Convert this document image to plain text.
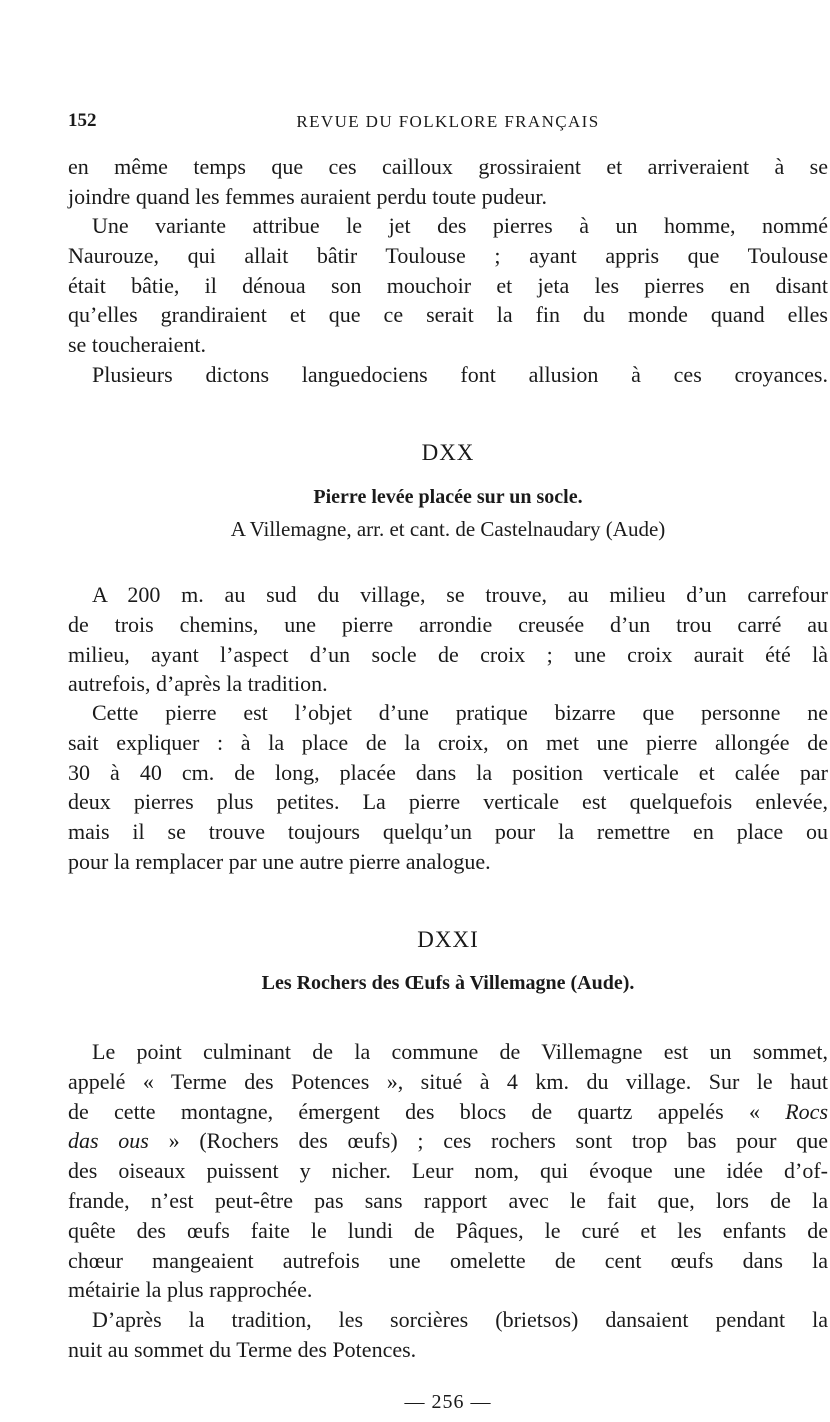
152	REVUE DU FOLKLORE FRANÇAIS
en même temps que ces cailloux grossiraient et arriveraient à se
joindre quand les femmes auraient perdu toute pudeur.
Une variante attribue le jet des pierres à un homme, nommé
Naurouze, qui allait bâtir Toulouse ; ayant appris que Toulouse
était bâtie, il dénoua son mouchoir et jeta les pierres en disant
qu’elles grandiraient et que ce serait la fin du monde quand elles
se toucheraient.
Plusieurs dictons languedociens font allusion à ces croyances.

DXX

Pierre levée placée sur un socle.

A Villemagne, arr. et cant. de Castelnaudary (Aude)

A 200 m. au sud du village, se trouve, au milieu d’un carrefour
de trois chemins, une pierre arrondie creusée d’un trou carré au
milieu, ayant l’aspect d’un socle de croix ; une croix aurait été là
autrefois, d’après la tradition.
Cette pierre est l’objet d’une pratique bizarre que personne ne
sait expliquer : à la place de la croix, on met une pierre allongée de
30 à 40 cm. de long, placée dans la position verticale et calée par
deux pierres plus petites. La pierre verticale est quelquefois enlevée,
mais il se trouve toujours quelqu’un pour la remettre en place ou
pour la remplacer par une autre pierre analogue.

DXXI

Les Rochers des Œufs à Villemagne (Aude).

Le point culminant de la commune de Villemagne est un sommet,
appelé « Terme des Potences », situé à 4 km. du village. Sur le haut
de cette montagne, émergent des blocs de quartz appelés « Rocs
das ous » (Rochers des œufs) ; ces rochers sont trop bas pour que
des oiseaux puissent y nicher. Leur nom, qui évoque une idée d’of-
frande, n’est peut-être pas sans rapport avec le fait que, lors de la
quête des œufs faite le lundi de Pâques, le curé et les enfants de
chœur mangeaient autrefois une omelette de cent œufs dans la
métairie la plus rapprochée.
D’après la tradition, les sorcières (brietsos) dansaient pendant la
nuit au sommet du Terme des Potences.

— 256 —
